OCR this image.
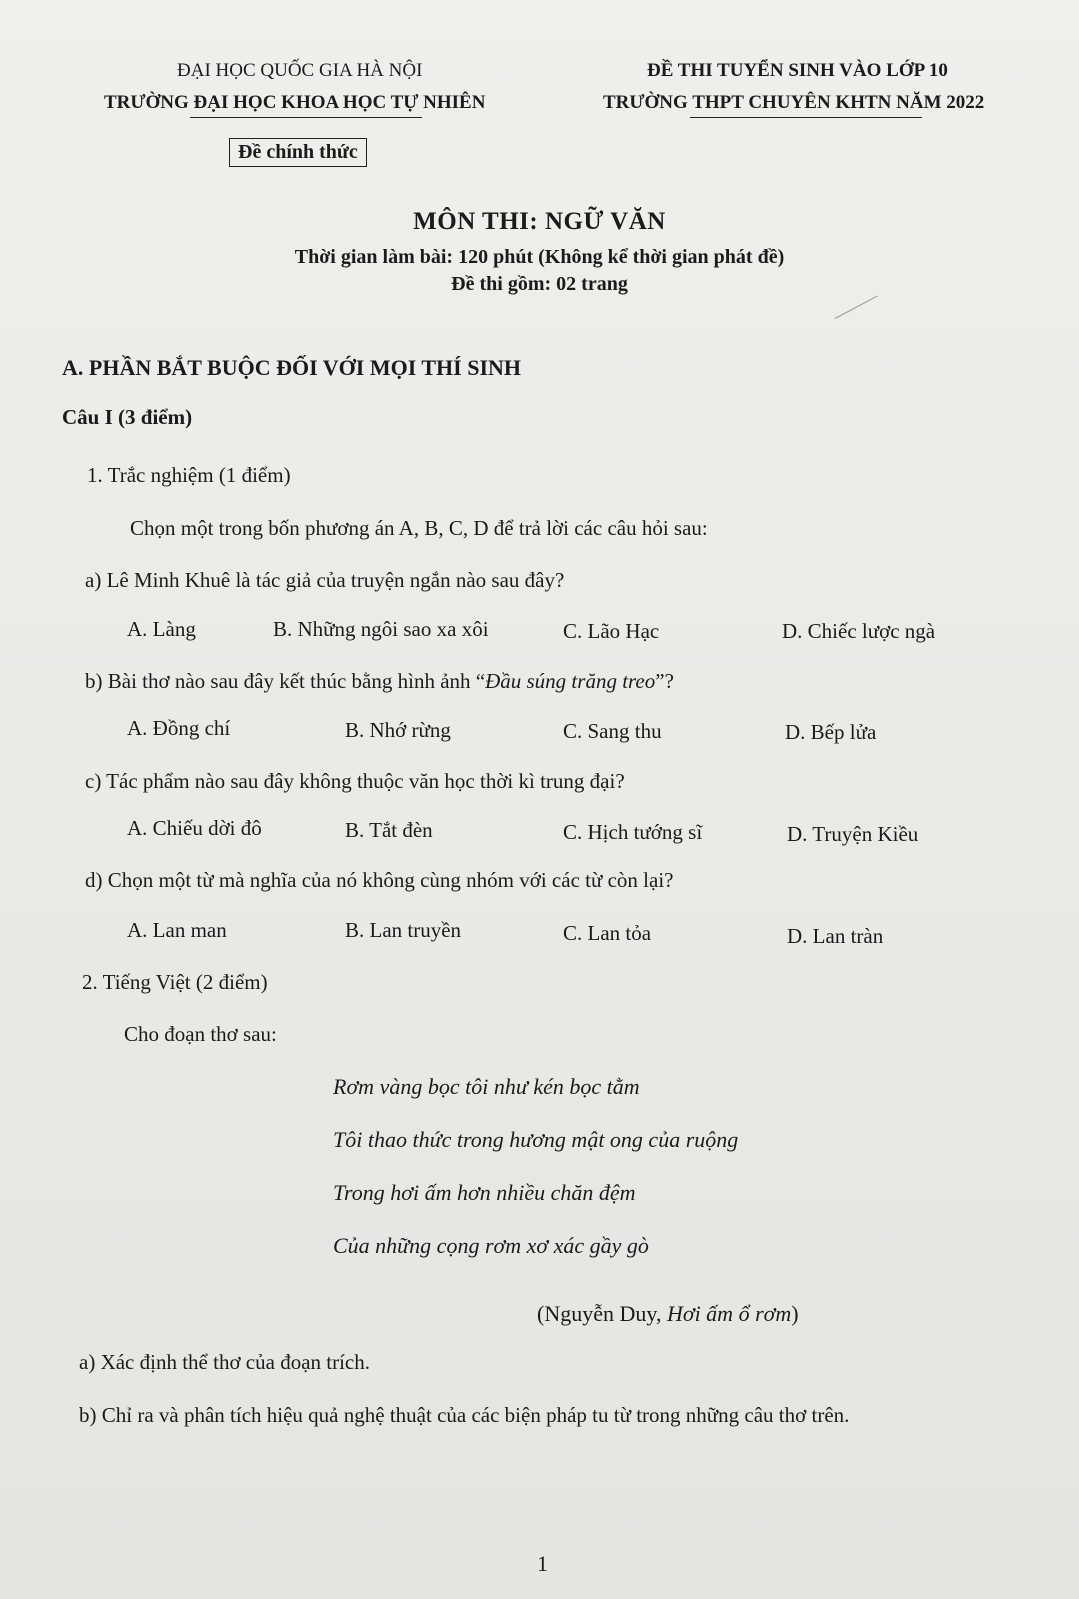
ĐẠI HỌC QUỐC GIA HÀ NỘI
TRƯỜNG ĐẠI HỌC KHOA HỌC TỰ NHIÊN
ĐỀ THI TUYỂN SINH VÀO LỚP 10
TRƯỜNG THPT CHUYÊN KHTN NĂM 2022
Đề chính thức
MÔN THI: NGỮ VĂN
Thời gian làm bài: 120 phút (Không kể thời gian phát đề)
Đề thi gồm: 02 trang
A. PHẦN BẮT BUỘC ĐỐI VỚI MỌI THÍ SINH
Câu I (3 điểm)
1. Trắc nghiệm (1 điểm)
Chọn một trong bốn phương án A, B, C, D để trả lời các câu hỏi sau:
a) Lê Minh Khuê là tác giả của truyện ngắn nào sau đây?
A. Làng	B. Những ngôi sao xa xôi	C. Lão Hạc	D. Chiếc lược ngà
b) Bài thơ nào sau đây kết thúc bằng hình ảnh “Đầu súng trăng treo”?
A. Đồng chí	B. Nhớ rừng	C. Sang thu	D. Bếp lửa
c) Tác phẩm nào sau đây không thuộc văn học thời kì trung đại?
A. Chiếu dời đô	B. Tắt đèn	C. Hịch tướng sĩ	D. Truyện Kiều
d) Chọn một từ mà nghĩa của nó không cùng nhóm với các từ còn lại?
A. Lan man	B. Lan truyền	C. Lan tỏa	D. Lan tràn
2. Tiếng Việt (2 điểm)
Cho đoạn thơ sau:
Rơm vàng bọc tôi như kén bọc tằm
Tôi thao thức trong hương mật ong của ruộng
Trong hơi ấm hơn nhiều chăn đệm
Của những cọng rơm xơ xác gầy gò
(Nguyễn Duy, Hơi ấm ổ rơm)
a) Xác định thể thơ của đoạn trích.
b) Chỉ ra và phân tích hiệu quả nghệ thuật của các biện pháp tu từ trong những câu thơ trên.
1
